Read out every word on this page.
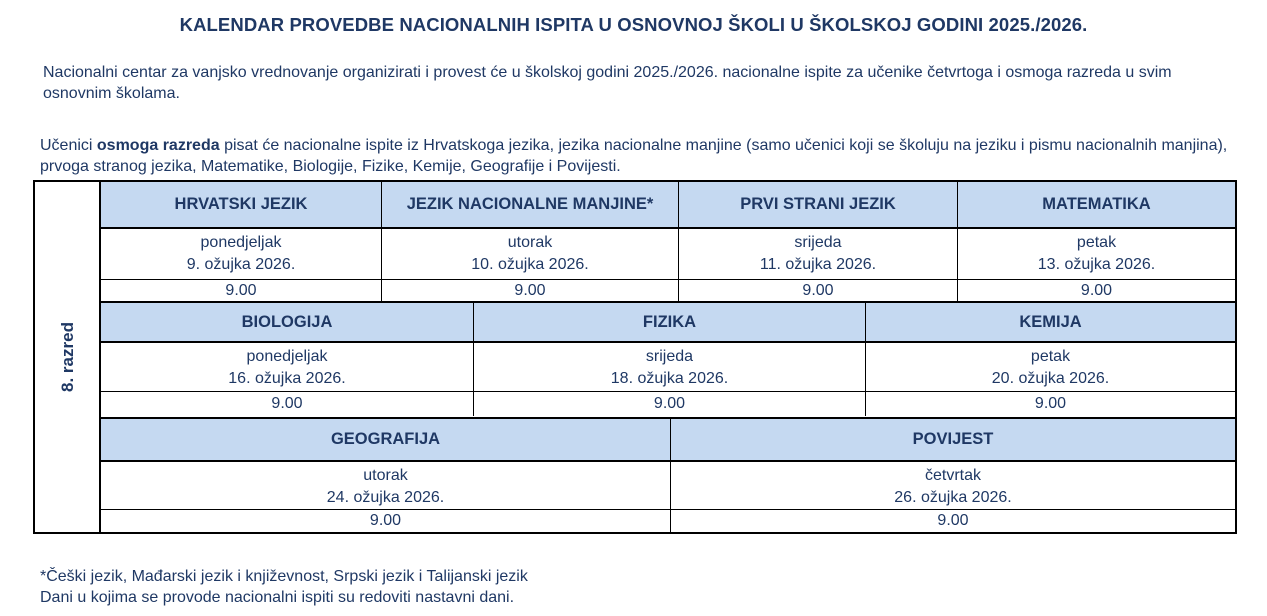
KALENDAR PROVEDBE NACIONALNIH ISPITA U OSNOVNOJ ŠKOLI U ŠKOLSKOJ GODINI 2025./2026.

Nacionalni centar za vanjsko vrednovanje organizirati i provest će u školskoj godini 2025./2026. nacionalne ispite za učenike četvrtoga i osmoga razreda u svim osnovnim školama.

Učenici osmoga razreda pisat će nacionalne ispite iz Hrvatskoga jezika, jezika nacionalne manjine (samo učenici koji se školuju na jeziku i pismu nacionalnih manjina), prvoga stranog jezika, Matematike, Biologije, Fizike, Kemije, Geografije i Povijesti.

8. razred
HRVATSKI JEZIK	JEZIK NACIONALNE MANJINE*	PRVI STRANI JEZIK	MATEMATIKA
ponedjeljak
9. ožujka 2026.
utorak
10. ožujka 2026.
srijeda
11. ožujka 2026.
petak
13. ožujka 2026.
9.00	9.00	9.00	9.00
BIOLOGIJA	FIZIKA	KEMIJA
ponedjeljak
16. ožujka 2026.
srijeda
18. ožujka 2026.
petak
20. ožujka 2026.
9.00	9.00	9.00
GEOGRAFIJA	POVIJEST
utorak
24. ožujka 2026.
četvrtak
26. ožujka 2026.
9.00	9.00

*Češki jezik, Mađarski jezik i književnost, Srpski jezik i Talijanski jezik
Dani u kojima se provode nacionalni ispiti su redoviti nastavni dani.
